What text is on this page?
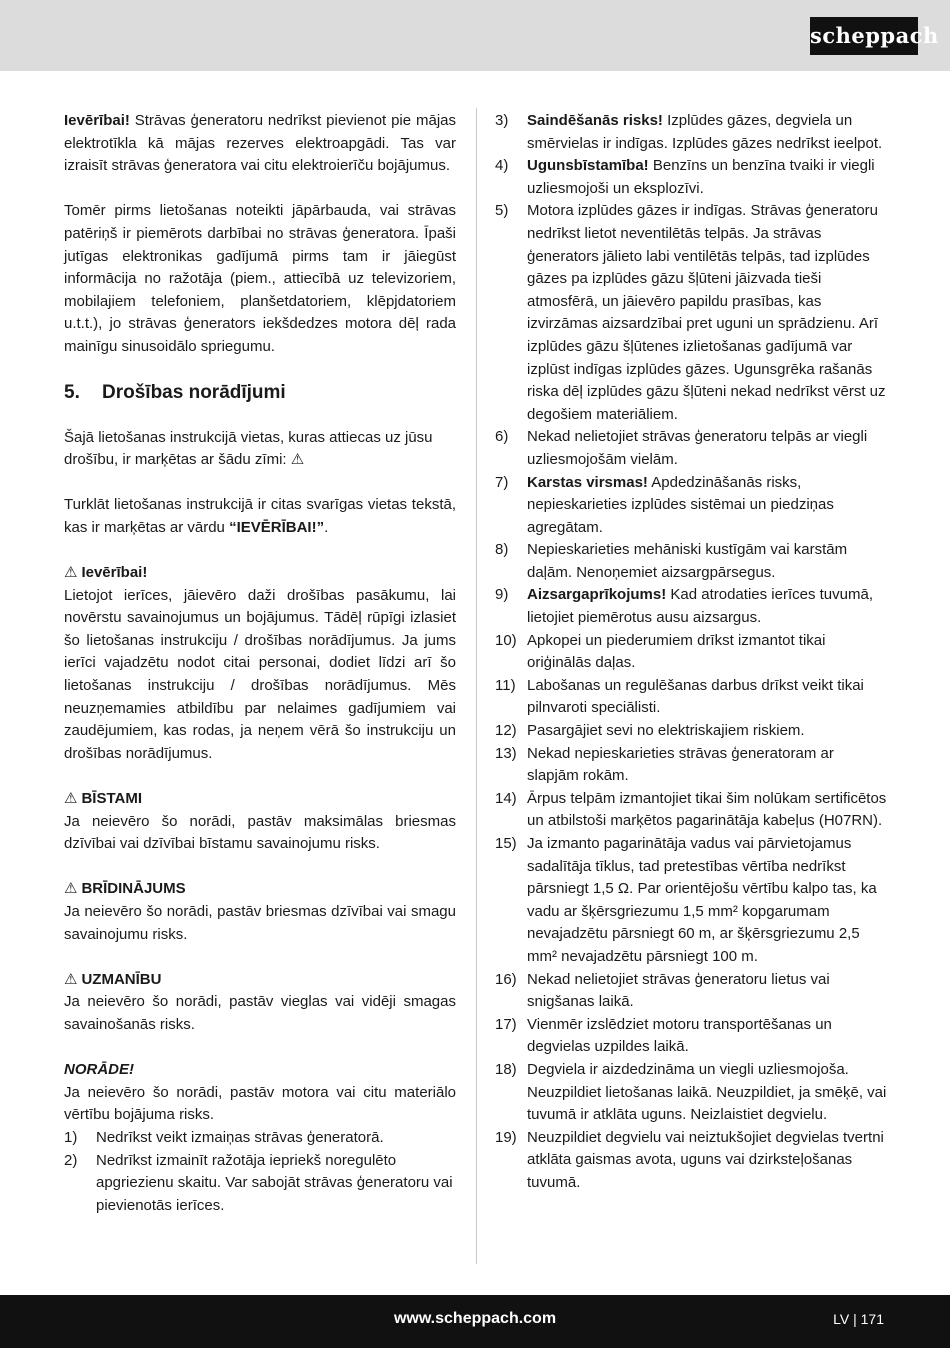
scheppach

Ievērībai! Strāvas ģeneratoru nedrīkst pievienot pie mājas elektrotīkla kā mājas rezerves elektroapgādi. Tas var izraisīt strāvas ģeneratora vai citu elektroierīču bojājumus.

Tomēr pirms lietošanas noteikti jāpārbauda, vai strāvas patēriņš ir piemērots darbībai no strāvas ģeneratora. Īpaši jutīgas elektronikas gadījumā pirms tam ir jāiegūst informācija no ražotāja (piem., attiecībā uz televizoriem, mobilajiem telefoniem, planšetdatoriem, klēpjdatoriem u.t.t.), jo strāvas ģenerators iekšdedzes motora dēļ rada mainīgu sinusoidālo spriegumu.

5. Drošības norādījumi

Šajā lietošanas instrukcijā vietas, kuras attiecas uz jūsu drošību, ir marķētas ar šādu zīmi: ⚠

Turklāt lietošanas instrukcijā ir citas svarīgas vietas tekstā, kas ir marķētas ar vārdu “IEVĒRĪBAI!”.

⚠ Ievērībai!

Lietojot ierīces, jāievēro daži drošības pasākumu, lai novērstu savainojumus un bojājumus. Tādēļ rūpīgi izlasiet šo lietošanas instrukciju / drošības norādījumus. Ja jums ierīci vajadzētu nodot citai personai, dodiet līdzi arī šo lietošanas instrukciju / drošības norādījumus. Mēs neuzņemamies atbildību par nelaimes gadījumiem vai zaudējumiem, kas rodas, ja neņem vērā šo instrukciju un drošības norādījumus.

⚠ BĪSTAMI

Ja neievēro šo norādi, pastāv maksimālas briesmas dzīvībai vai dzīvībai bīstamu savainojumu risks.

⚠ BRĪDINĀJUMS

Ja neievēro šo norādi, pastāv briesmas dzīvībai vai smagu savainojumu risks.

⚠ UZMANĪBU

Ja neievēro šo norādi, pastāv vieglas vai vidēji smagas savainošanās risks.

NORĀDE!

Ja neievēro šo norādi, pastāv motora vai citu materiālo vērtību bojājuma risks.

1)	Nedrīkst veikt izmaiņas strāvas ģeneratorā.
2)	Nedrīkst izmainīt ražotāja iepriekš noregulēto apgriezienu skaitu. Var sabojāt strāvas ģeneratoru vai pievienotās ierīces.
3)	Saindēšanās risks! Izplūdes gāzes, degviela un smērvielas ir indīgas. Izplūdes gāzes nedrīkst ieelpot.
4)	Ugunsbīstamība! Benzīns un benzīna tvaiki ir viegli uzliesmojoši un eksplozīvi.
5)	Motora izplūdes gāzes ir indīgas. Strāvas ģeneratoru nedrīkst lietot neventilētās telpās. Ja strāvas ģenerators jālieto labi ventilētās telpās, tad izplūdes gāzes pa izplūdes gāzu šļūteni jāizvada tieši atmosfērā, un jāievēro papildu prasības, kas izvirzāmas aizsardzībai pret uguni un sprādzienu. Arī izplūdes gāzu šļūtenes izlietošanas gadījumā var izplūst indīgas izplūdes gāzes. Ugunsgrēka rašanās riska dēļ izplūdes gāzu šļūteni nekad nedrīkst vērst uz degošiem materiāliem.
6)	Nekad nelietojiet strāvas ģeneratoru telpās ar viegli uzliesmojošām vielām.
7)	Karstas virsmas! Apdedzināšanās risks, nepieskarieties izplūdes sistēmai un piedziņas agregātam.
8)	Nepieskarieties mehāniski kustīgām vai karstām daļām. Nenoņemiet aizsargpārsegus.
9)	Aizsargaprīkojums! Kad atrodaties ierīces tuvumā, lietojiet piemērotus ausu aizsargus.
10) Apkopei un piederumiem drīkst izmantot tikai oriģinālās daļas.
11) Labošanas un regulēšanas darbus drīkst veikt tikai pilnvaroti speciālisti.
12) Pasargājiet sevi no elektriskajiem riskiem.
13) Nekad nepieskarieties strāvas ģeneratoram ar slapjām rokām.
14) Ārpus telpām izmantojiet tikai šim nolūkam sertificētos un atbilstoši marķētos pagarinātāja kabeļus (H07RN).
15) Ja izmanto pagarinātāja vadus vai pārvietojamus sadalītāja tīklus, tad pretestības vērtība nedrīkst pārsniegt 1,5 Ω. Par orientējošu vērtību kalpo tas, ka vadu ar šķērsgriezumu 1,5 mm² kopgarumam nevajadzētu pārsniegt 60 m, ar šķērsgriezumu 2,5 mm² nevajadzētu pārsniegt 100 m.
16) Nekad nelietojiet strāvas ģeneratoru lietus vai snigšanas laikā.
17) Vienmēr izslēdziet motoru transportēšanas un degvielas uzpildes laikā.
18) Degviela ir aizdedzināma un viegli uzliesmojoša. Neuzpildiet lietošanas laikā. Neuzpildiet, ja smēķē, vai tuvumā ir atklāta uguns. Neizlaistiet degvielu.
19) Neuzpildiet degvielu vai neiztukšojiet degvielas tvertni atklāta gaismas avota, uguns vai dzirksteļošanas tuvumā.
www.scheppach.com	LV | 171
